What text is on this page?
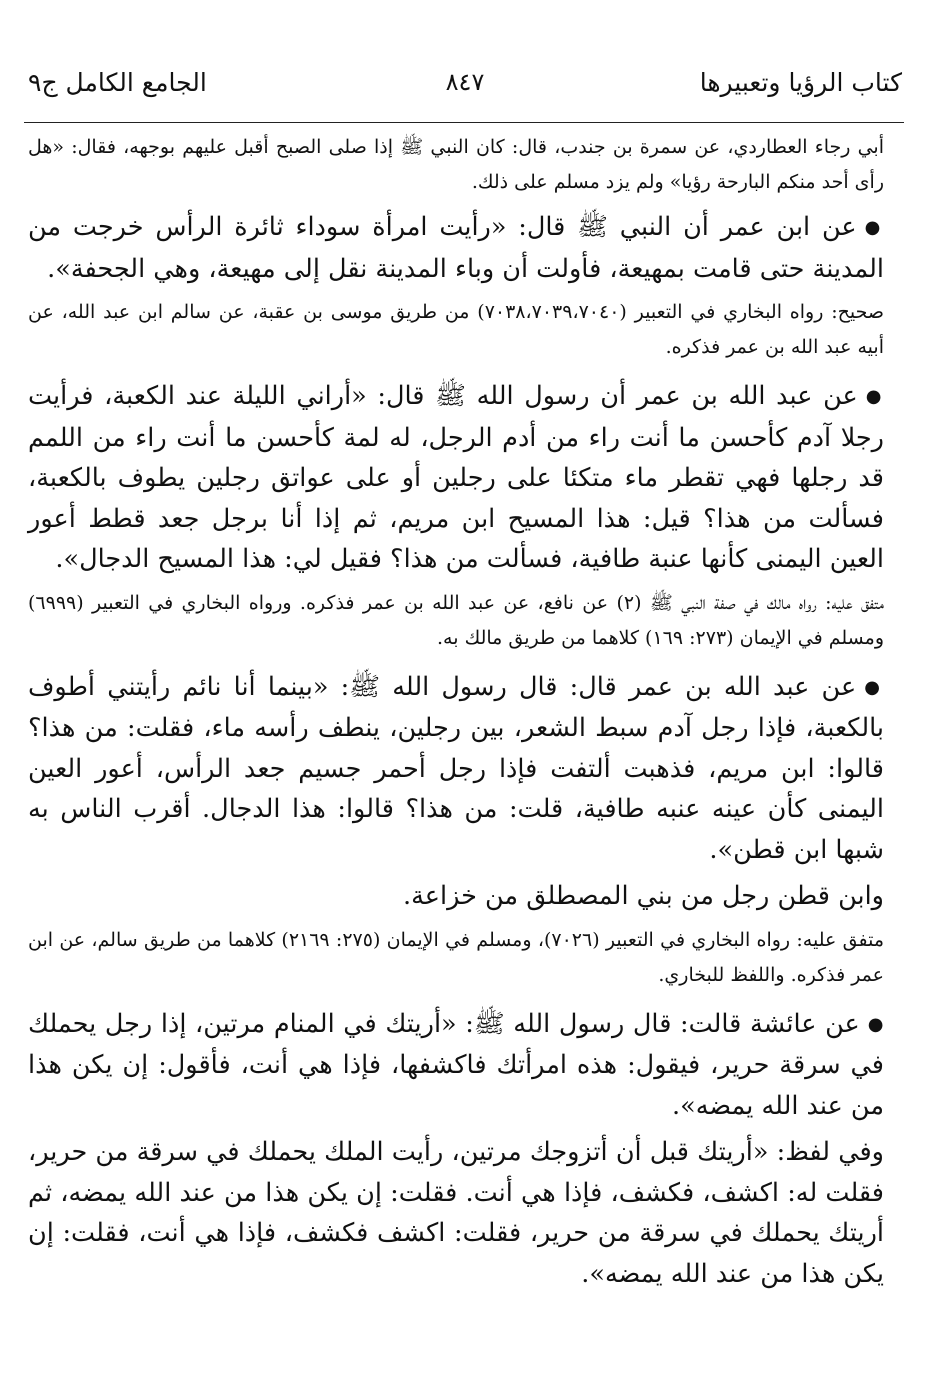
كتاب الرؤيا وتعبيرها
٨٤٧
الجامع الكامل ج٩

أبي رجاء العطاردي، عن سمرة بن جندب، قال: كان النبي ﷺ إذا صلى الصبح أقبل عليهم بوجهه، فقال: «هل رأى أحد منكم البارحة رؤيا» ولم يزد مسلم على ذلك.

●عن ابن عمر أن النبي ﷺ قال: «رأيت امرأة سوداء ثائرة الرأس خرجت من المدينة حتى قامت بمهيعة، فأولت أن وباء المدينة نقل إلى مهيعة، وهي الجحفة».

صحيح: رواه البخاري في التعبير (٧٠٣٨،٧٠٣٩،٧٠٤٠) من طريق موسى بن عقبة، عن سالم ابن عبد الله، عن أبيه عبد الله بن عمر فذكره.

●عن عبد الله بن عمر أن رسول الله ﷺ قال: «أراني الليلة عند الكعبة، فرأيت رجلا آدم كأحسن ما أنت راء من أدم الرجل، له لمة كأحسن ما أنت راء من اللمم قد رجلها فهي تقطر ماء متكئا على رجلين أو على عواتق رجلين يطوف بالكعبة، فسألت من هذا؟ قيل: هذا المسيح ابن مريم، ثم إذا أنا برجل جعد قطط أعور العين اليمنى كأنها عنبة طافية، فسألت من هذا؟ فقيل لي: هذا المسيح الدجال».

متفق عليه: رواه مالك في صفة النبي ﷺ (٢) عن نافع، عن عبد الله بن عمر فذكره. ورواه البخاري في التعبير (٦٩٩٩) ومسلم في الإيمان (٢٧٣: ١٦٩) كلاهما من طريق مالك به.

●عن عبد الله بن عمر قال: قال رسول الله ﷺ: «بينما أنا نائم رأيتني أطوف بالكعبة، فإذا رجل آدم سبط الشعر، بين رجلين، ينطف رأسه ماء، فقلت: من هذا؟ قالوا: ابن مريم، فذهبت ألتفت فإذا رجل أحمر جسيم جعد الرأس، أعور العين اليمنى كأن عينه عنبه طافية، قلت: من هذا؟ قالوا: هذا الدجال. أقرب الناس به شبها ابن قطن».

وابن قطن رجل من بني المصطلق من خزاعة.

متفق عليه: رواه البخاري في التعبير (٧٠٢٦)، ومسلم في الإيمان (٢٧٥: ٢١٦٩) كلاهما من طريق سالم، عن ابن عمر فذكره. واللفظ للبخاري.

●عن عائشة قالت: قال رسول الله ﷺ: «أريتك في المنام مرتين، إذا رجل يحملك في سرقة حرير، فيقول: هذه امرأتك فاكشفها، فإذا هي أنت، فأقول: إن يكن هذا من عند الله يمضه».

وفي لفظ: «أريتك قبل أن أتزوجك مرتين، رأيت الملك يحملك في سرقة من حرير، فقلت له: اكشف، فكشف، فإذا هي أنت. فقلت: إن يكن هذا من عند الله يمضه، ثم أريتك يحملك في سرقة من حرير، فقلت: اكشف فكشف، فإذا هي أنت، فقلت: إن يكن هذا من عند الله يمضه».
